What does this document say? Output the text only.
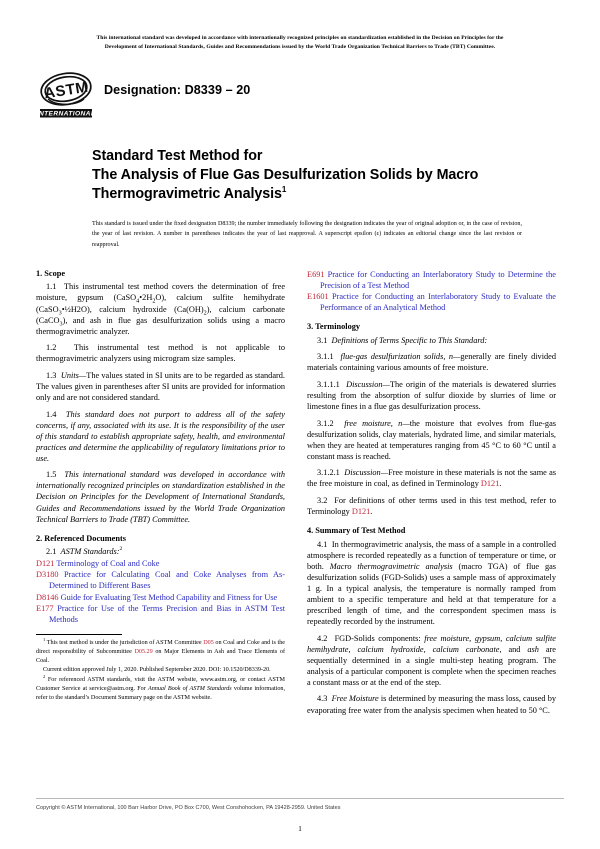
This international standard was developed in accordance with internationally recognized principles on standardization established in the Decision on Principles for the
Development of International Standards, Guides and Recommendations issued by the World Trade Organization Technical Barriers to Trade (TBT) Committee.
ASTM
INTERNATIONAL
Designation: D8339 – 20
Standard Test Method for
The Analysis of Flue Gas Desulfurization Solids by Macro
Thermogravimetric Analysis$^1$
This standard is issued under the fixed designation D8339; the number immediately following the designation indicates the year of original adoption or, in the case of revision, the year of last revision. A number in parentheses indicates the year of last reapproval. A superscript epsilon (ε) indicates an editorial change since the last revision or reapproval.
1. Scope

1.1 This instrumental test method covers the determination of free moisture, gypsum $(CaSO_4•2H_2O)$, calcium sulfite hemihydrate (CaSO$_3$•½H2O), calcium hydroxide $(Ca(OH)_2)$, calcium carbonate (CaCO$_3$), and ash in flue gas desulfurization solids using a macro thermogravimetric analyzer.

1.2 This instrumental test method is not applicable to thermogravimetric analyzers using microgram size samples.

1.3 Units—The values stated in SI units are to be regarded as standard. The values given in parentheses after SI units are provided for information only and are not considered standard.

1.4 This standard does not purport to address all of the safety concerns, if any, associated with its use. It is the responsibility of the user of this standard to establish appropriate safety, health, and environmental practices and determine the applicability of regulatory limitations prior to use.

1.5 This international standard was developed in accordance with internationally recognized principles on standardization established in the Decision on Principles for the Development of International Standards, Guides and Recommendations issued by the World Trade Organization Technical Barriers to Trade (TBT) Committee.

2. Referenced Documents

2.1 ASTM Standards:$^2$

D121 Terminology of Coal and Coke

D3180 Practice for Calculating Coal and Coke Analyses from As-Determined to Different Bases

D8146 Guide for Evaluating Test Method Capability and Fitness for Use

E177 Practice for Use of the Terms Precision and Bias in ASTM Test Methods

$^1$ This test method is under the jurisdiction of ASTM Committee D05 on Coal and Coke and is the direct responsibility of Subcommittee D05.29 on Major Elements in Ash and Trace Elements of Coal.

Current edition approved July 1, 2020. Published September 2020. DOI: 10.1520/D8339-20.

$^2$ For referenced ASTM standards, visit the ASTM website, www.astm.org, or contact ASTM Customer Service at service@astm.org. For Annual Book of ASTM Standards volume information, refer to the standard’s Document Summary page on the ASTM website.

E691 Practice for Conducting an Interlaboratory Study to Determine the Precision of a Test Method

E1601 Practice for Conducting an Interlaboratory Study to Evaluate the Performance of an Analytical Method

3. Terminology

3.1 Definitions of Terms Specific to This Standard:

3.1.1 flue-gas desulfurization solids, n—generally are finely divided materials containing various amounts of free moisture.

3.1.1.1 Discussion—The origin of the materials is dewatered slurries resulting from the absorption of sulfur dioxide by slurries of lime or limestone fines in a flue gas desulfurization process.

3.1.2 free moisture, n—the moisture that evolves from flue-gas desulfurization solids, clay materials, hydrated lime, and similar materials, when they are heated at temperatures ranging from 45 °C to 60 °C until a constant mass is reached.

3.1.2.1 Discussion—Free moisture in these materials is not the same as the free moisture in coal, as defined in Terminology D121.

3.2 For definitions of other terms used in this test method, refer to Terminology D121.

4. Summary of Test Method

4.1 In thermogravimetric analysis, the mass of a sample in a controlled atmosphere is recorded repeatedly as a function of temperature or time, or both. Macro thermogravimetric analysis (macro TGA) of flue gas desulfurization solids (FGD-Solids) uses a sample mass of approximately 1 g. In a typical analysis, the temperature is normally ramped from ambient to a specific temperature and held at that temperature for a prescribed length of time, and the correspondent specimen mass is repeatedly recorded by the instrument.

4.2 FGD-Solids components: free moisture, gypsum, calcium sulfite hemihydrate, calcium hydroxide, calcium carbonate, and ash are sequentially determined in a single multi-step heating program. The analysis of a particular component is complete when the specimen reaches a constant mass or at the end of the step.

4.3 Free Moisture is determined by measuring the mass loss, caused by evaporating free water from the analysis specimen when heated to 50 °C.

Copyright © ASTM International, 100 Barr Harbor Drive, PO Box C700, West Conshohocken, PA 19428-2959. United States
1
